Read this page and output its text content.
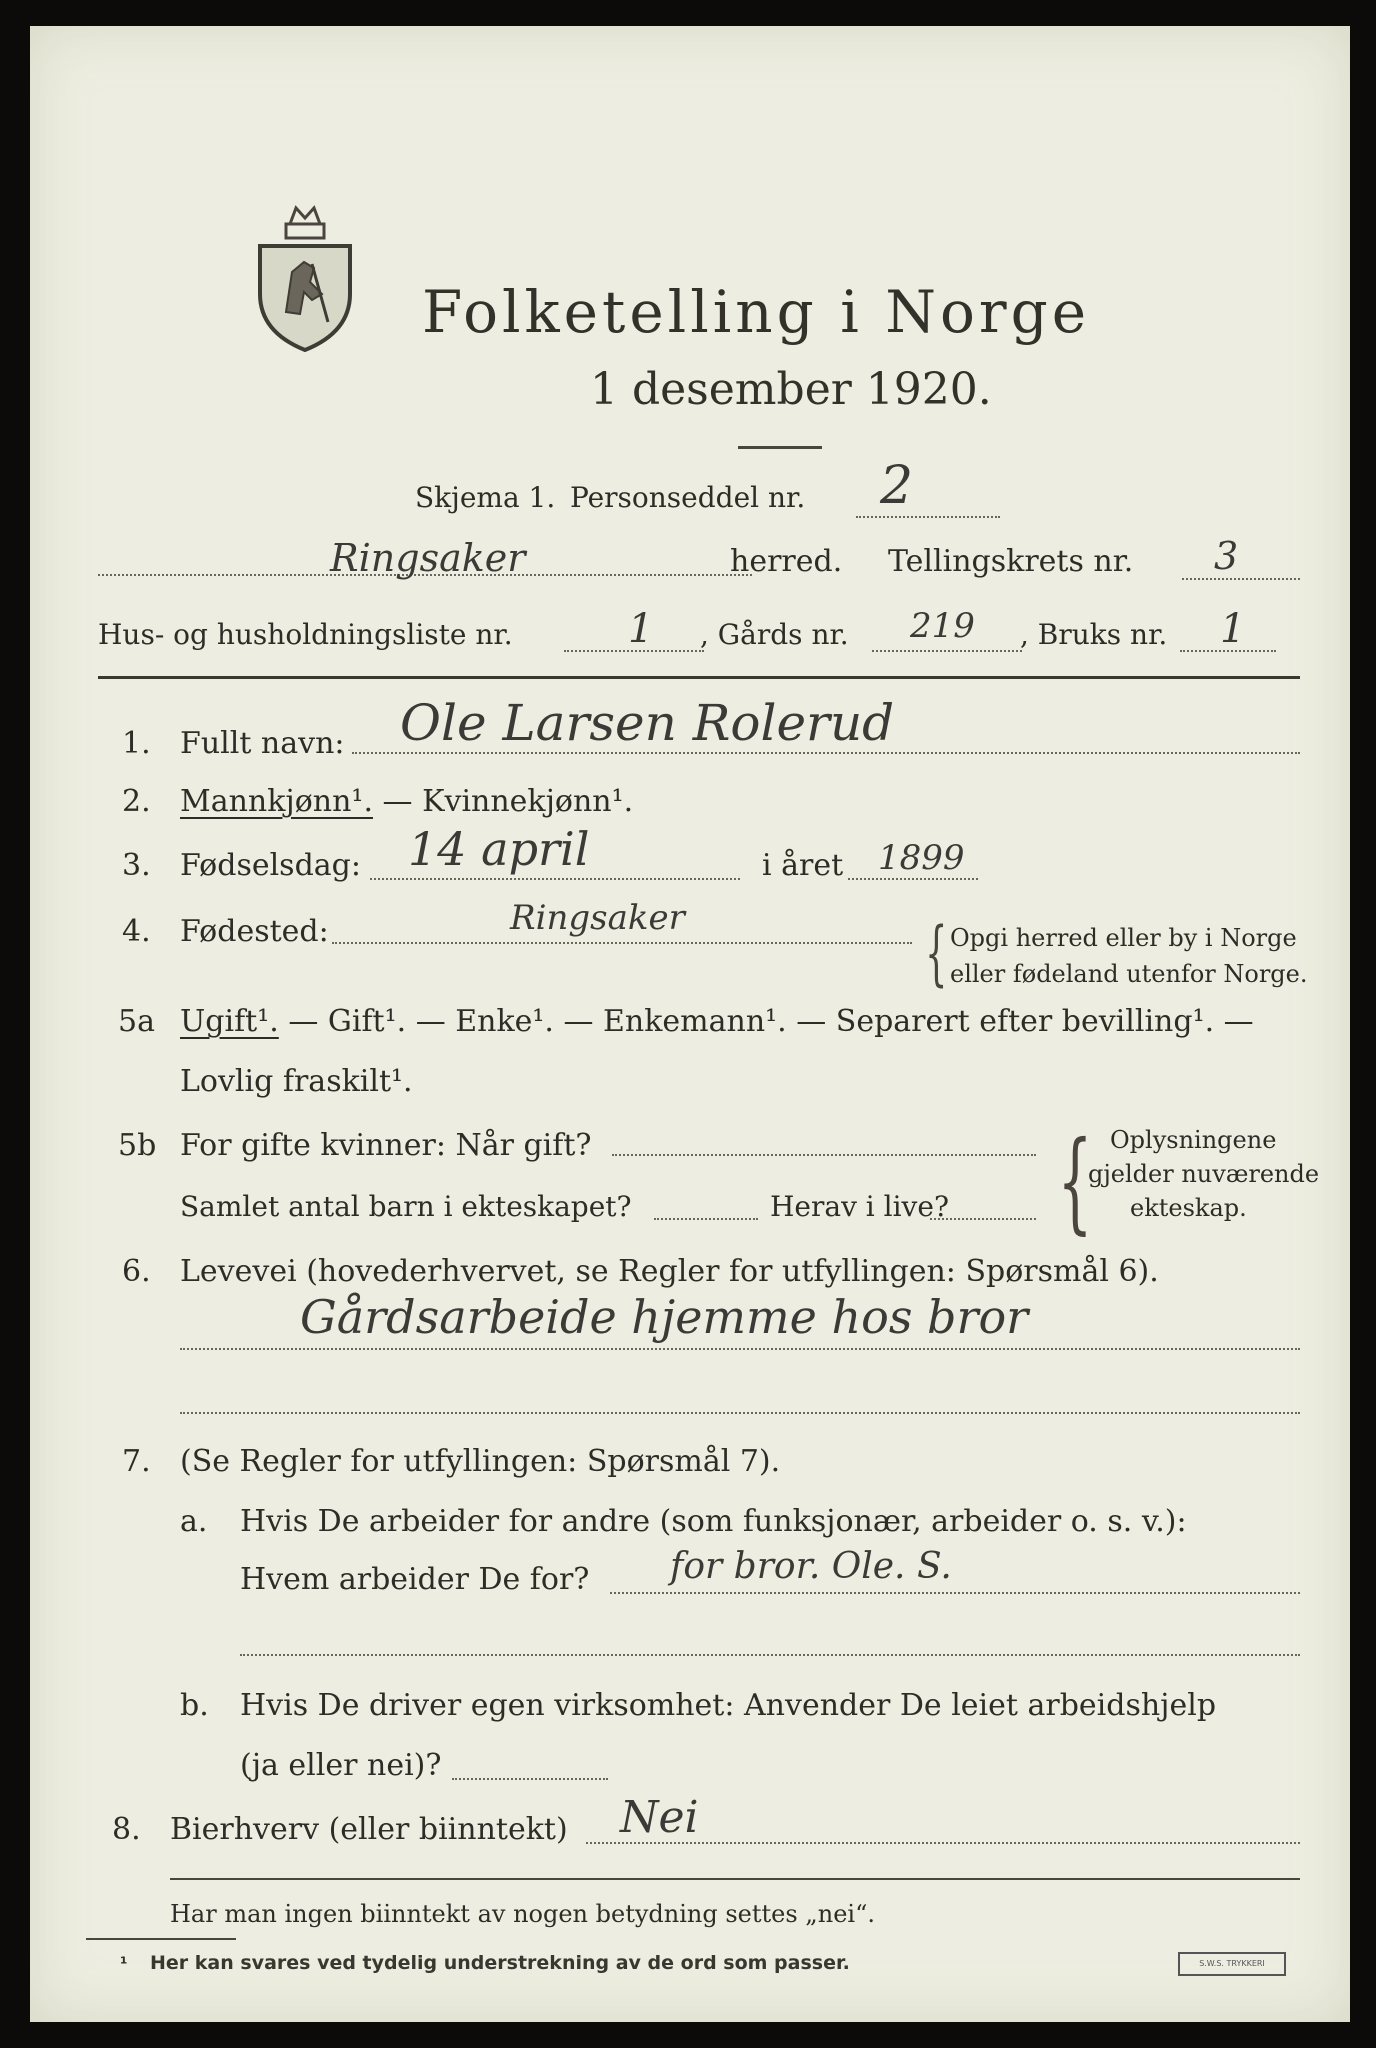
Folketelling i Norge
1 desember 1920.
Skjema 1. Personseddel nr. 2
Ringsaker	herred. Tellingskrets nr. 3
Hus- og husholdningsliste nr.	1 , Gårds nr. 219 , Bruks nr. 1
1. Fullt navn: Ole Larsen Rolerud
2. Mannkjønn¹. — Kvinnekjønn¹.
3. Fødselsdag: 14 april	i året 1899
4. Fødested:	Ringsaker	{ Opgi herred eller by i Norge
eller fødeland utenfor Norge.
5a Ugift¹. — Gift¹. — Enke¹. — Enkemann¹. — Separert efter bevilling¹. —
Lovlig fraskilt¹.
5b For gifte kvinner: Når gift?
Samlet antal barn i ekteskapet?	Herav i live? { Oplysningene
gjelder nuværende
ekteskap.
6. Levevei (hovederhvervet, se Regler for utfyllingen: Spørsmål 6).
Gårdsarbeide hjemme hos bror
7. (Se Regler for utfyllingen: Spørsmål 7).
a. Hvis De arbeider for andre (som funksjonær, arbeider o. s. v.):
Hvem arbeider De for? for bror. Ole. S.
b. Hvis De driver egen virksomhet: Anvender De leiet arbeidshjelp
(ja eller nei)?
8. Bierhverv (eller biinntekt) Nei
Har man ingen biinntekt av nogen betydning settes „nei“.
¹ Her kan svares ved tydelig understrekning av de ord som passer.	S.W.S. TRYKKERI
